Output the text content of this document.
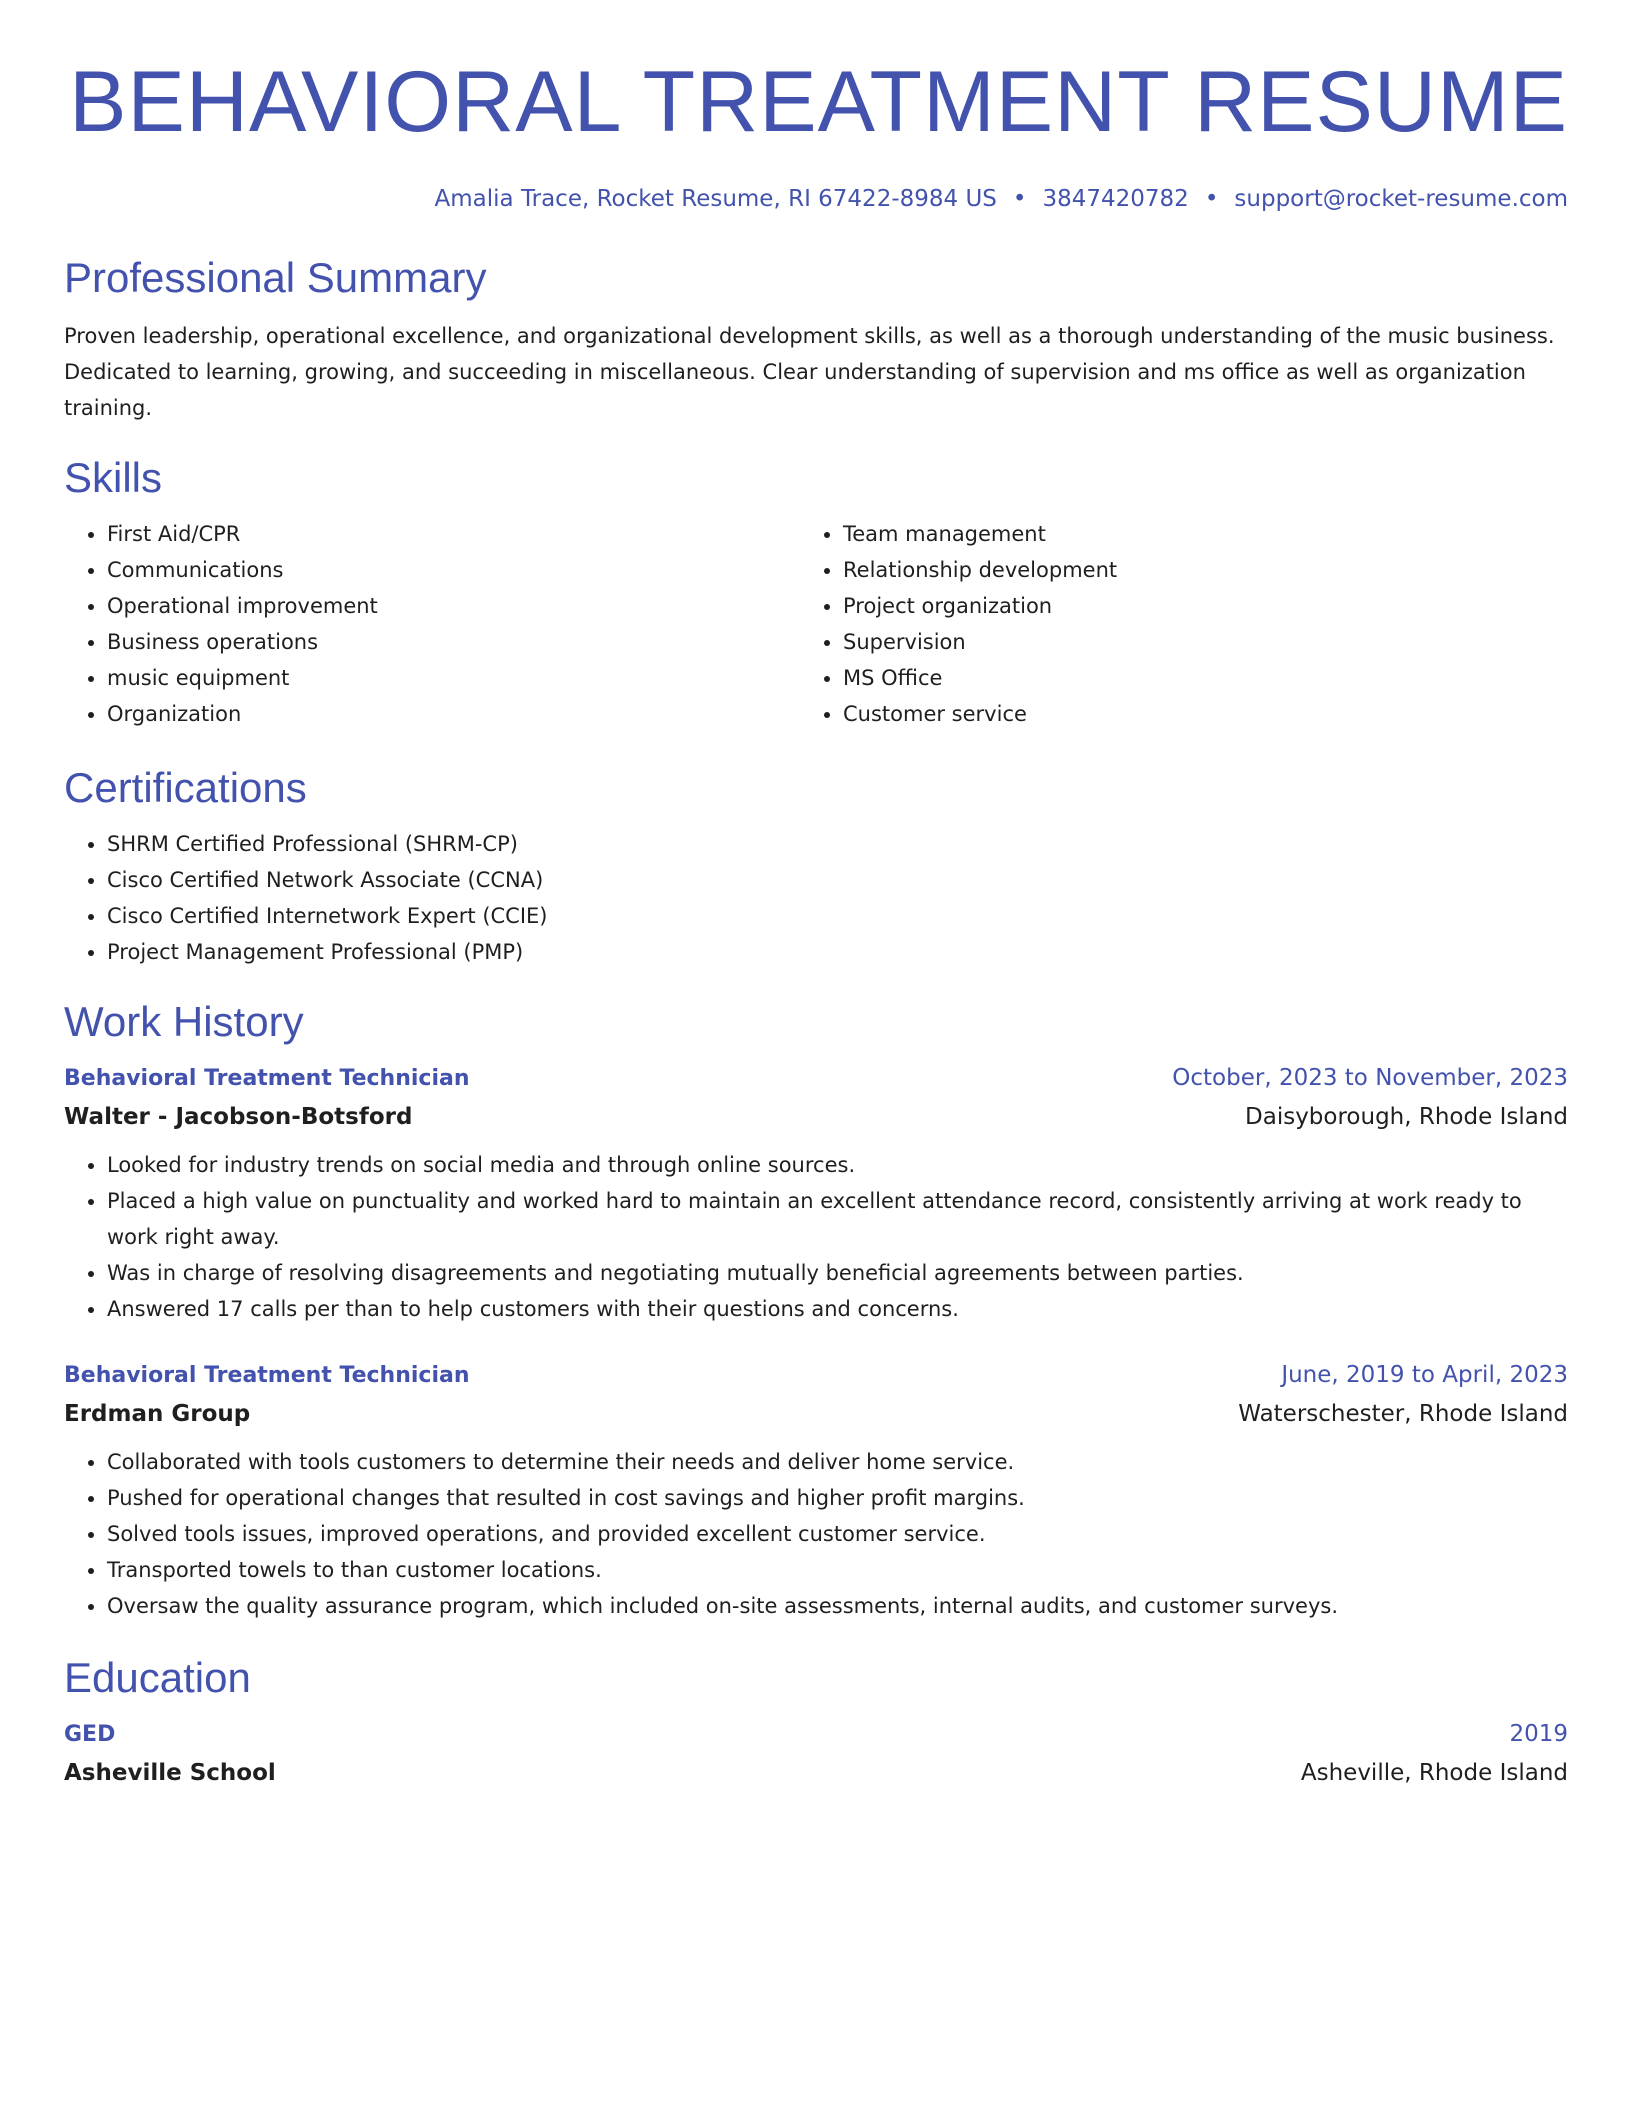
BEHAVIORAL TREATMENT RESUME
Amalia Trace, Rocket Resume, RI 67422-8984 US • 3847420782 • support@rocket-resume.com
Professional Summary

Proven leadership, operational excellence, and organizational development skills, as well as a thorough understanding of the music business. Dedicated to learning, growing, and succeeding in miscellaneous. Clear understanding of supervision and ms office as well as organization training.

Skills
• First Aid/CPR
• Communications
• Operational improvement
• Business operations
• music equipment
• Organization
• Team management
• Relationship development
• Project organization
• Supervision
• MS Office
• Customer service
Certifications
• SHRM Certified Professional (SHRM-CP)
• Cisco Certified Network Associate (CCNA)
• Cisco Certified Internetwork Expert (CCIE)
• Project Management Professional (PMP)
Work History
Behavioral Treatment Technician	October, 2023 to November, 2023
Walter - Jacobson-Botsford	Daisyborough, Rhode Island
• Looked for industry trends on social media and through online sources.
• Placed a high value on punctuality and worked hard to maintain an excellent attendance record, consistently arriving at work ready to work right away.
• Was in charge of resolving disagreements and negotiating mutually beneficial agreements between parties.
• Answered 17 calls per than to help customers with their questions and concerns.
Behavioral Treatment Technician	June, 2019 to April, 2023
Erdman Group	Waterschester, Rhode Island
• Collaborated with tools customers to determine their needs and deliver home service.
• Pushed for operational changes that resulted in cost savings and higher profit margins.
• Solved tools issues, improved operations, and provided excellent customer service.
• Transported towels to than customer locations.
• Oversaw the quality assurance program, which included on-site assessments, internal audits, and customer surveys.
Education
GED	2019
Asheville School	Asheville, Rhode Island
